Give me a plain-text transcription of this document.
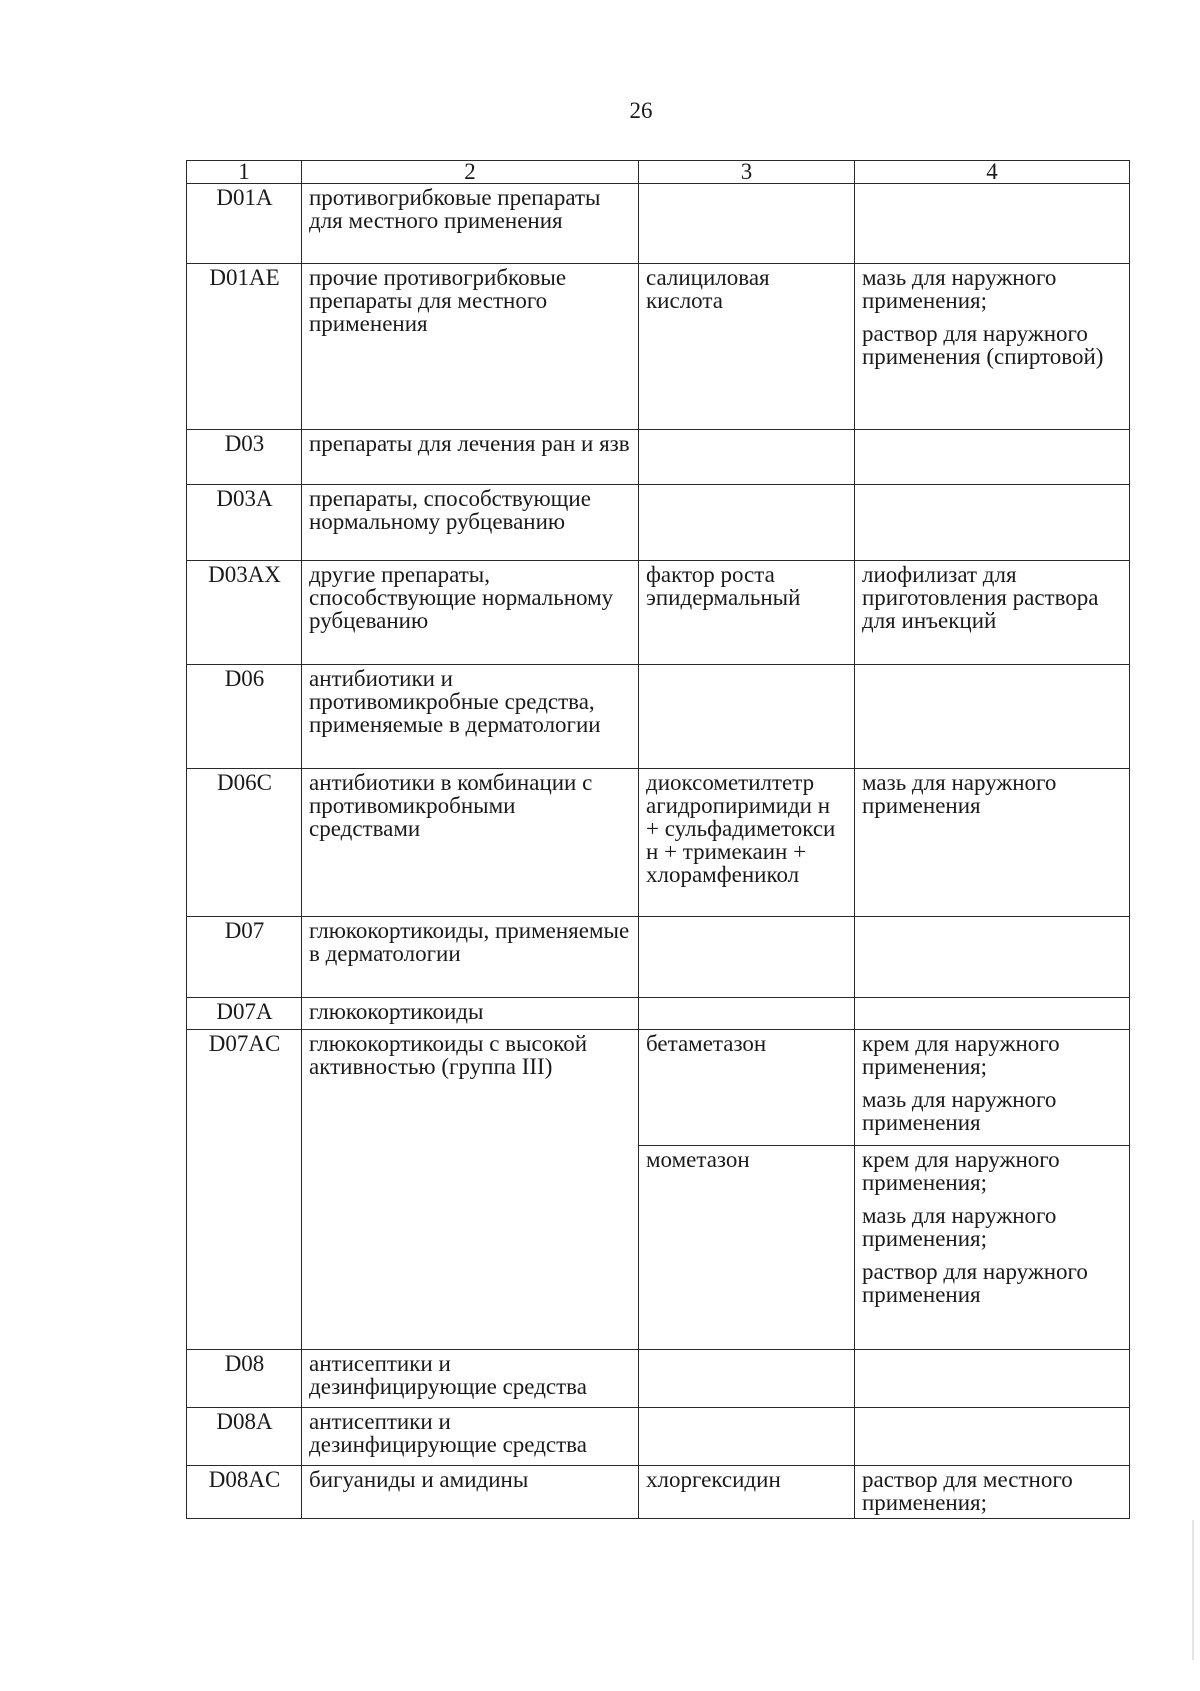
26
1	2	3	4
D01A	противогрибковые препараты для местного применения		
D01AE	прочие противогрибковые препараты для местного применения	салициловая кислота	мазь для наружного применения;
раствор для наружного применения (спиртовой)

D03	препараты для лечения ран и язв		
D03A	препараты, способствующие нормальному рубцеванию		
D03AX	другие препараты, способствующие нормальному рубцеванию	фактор роста эпидермальный	лиофилизат для приготовления раствора для инъекций

D06	антибиотики и противомикробные средства, применяемые в дерматологии		
D06C	антибиотики в комбинации с противомикробными средствами	диоксометилтетр агидропиримиди н + сульфадиметокси н + тримекаин + хлорамфеникол	мазь для наружного применения

D07	глюкокортикоиды, применяемые в дерматологии		
D07A	глюкокортикоиды		
D07AC	глюкокортикоиды с высокой активностью (группа III)	бетаметазон	крем для наружного применения;
мазь для наружного применения

		мометазон	крем для наружного применения;
мазь для наружного применения;
раствор для наружного применения

D08	антисептики и дезинфицирующие средства		
D08A	антисептики и дезинфицирующие средства		
D08AC	бигуаниды и амидины	хлоргексидин	раствор для местного применения;
